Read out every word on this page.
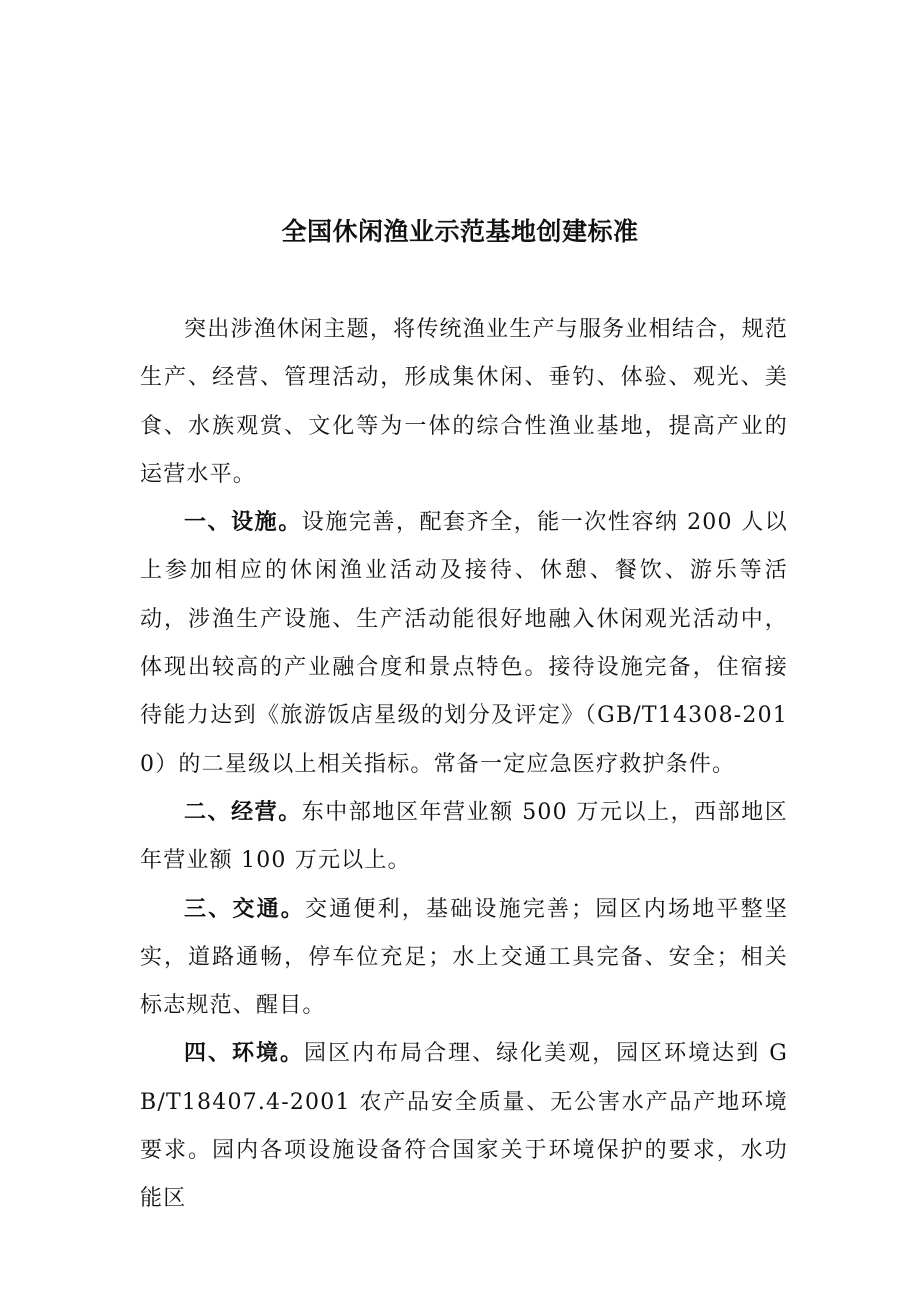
全国休闲渔业示范基地创建标准

突出涉渔休闲主题，将传统渔业生产与服务业相结合，规范生产、经营、管理活动，形成集休闲、垂钓、体验、观光、美食、水族观赏、文化等为一体的综合性渔业基地，提高产业的运营水平。

一、设施。设施完善，配套齐全，能一次性容纳 200 人以上参加相应的休闲渔业活动及接待、休憩、餐饮、游乐等活动，涉渔生产设施、生产活动能很好地融入休闲观光活动中，体现出较高的产业融合度和景点特色。接待设施完备，住宿接待能力达到《旅游饭店星级的划分及评定》（GB/T14308-2010）的二星级以上相关指标。常备一定应急医疗救护条件。

二、经营。东中部地区年营业额 500 万元以上，西部地区年营业额 100 万元以上。

三、交通。交通便利，基础设施完善；园区内场地平整坚实，道路通畅，停车位充足；水上交通工具完备、安全；相关标志规范、醒目。

四、环境。园区内布局合理、绿化美观，园区环境达到 GB/T18407.4-2001 农产品安全质量、无公害水产品产地环境要求。园内各项设施设备符合国家关于环境保护的要求，水功能区
